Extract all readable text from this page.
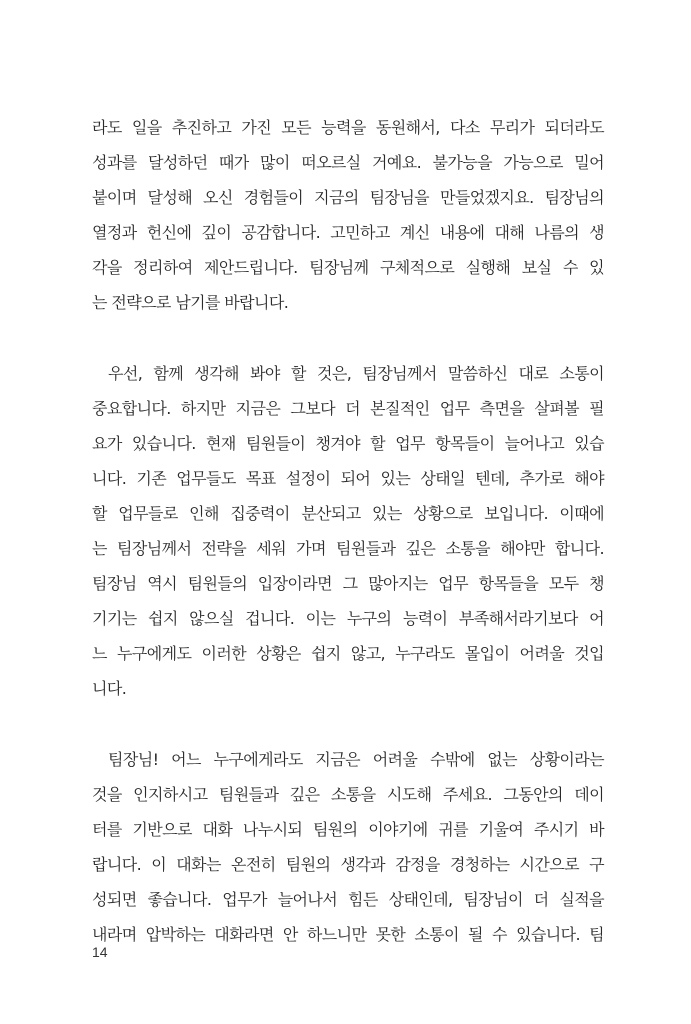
라도 일을 추진하고 가진 모든 능력을 동원해서, 다소 무리가 되더라도
성과를 달성하던 때가 많이 떠오르실 거예요. 불가능을 가능으로 밀어
붙이며 달성해 오신 경험들이 지금의 팀장님을 만들었겠지요. 팀장님의
열정과 헌신에 깊이 공감합니다. 고민하고 계신 내용에 대해 나름의 생
각을 정리하여 제안드립니다. 팀장님께 구체적으로 실행해 보실 수 있
는 전략으로 남기를 바랍니다.
우선, 함께 생각해 봐야 할 것은, 팀장님께서 말씀하신 대로 소통이
중요합니다. 하지만 지금은 그보다 더 본질적인 업무 측면을 살펴볼 필
요가 있습니다. 현재 팀원들이 챙겨야 할 업무 항목들이 늘어나고 있습
니다. 기존 업무들도 목표 설정이 되어 있는 상태일 텐데, 추가로 해야
할 업무들로 인해 집중력이 분산되고 있는 상황으로 보입니다. 이때에
는 팀장님께서 전략을 세워 가며 팀원들과 깊은 소통을 해야만 합니다.
팀장님 역시 팀원들의 입장이라면 그 많아지는 업무 항목들을 모두 챙
기기는 쉽지 않으실 겁니다. 이는 누구의 능력이 부족해서라기보다 어
느 누구에게도 이러한 상황은 쉽지 않고, 누구라도 몰입이 어려울 것입
니다.
팀장님! 어느 누구에게라도 지금은 어려울 수밖에 없는 상황이라는
것을 인지하시고 팀원들과 깊은 소통을 시도해 주세요. 그동안의 데이
터를 기반으로 대화 나누시되 팀원의 이야기에 귀를 기울여 주시기 바
랍니다. 이 대화는 온전히 팀원의 생각과 감정을 경청하는 시간으로 구
성되면 좋습니다. 업무가 늘어나서 힘든 상태인데, 팀장님이 더 실적을
내라며 압박하는 대화라면 안 하느니만 못한 소통이 될 수 있습니다. 팀
14
